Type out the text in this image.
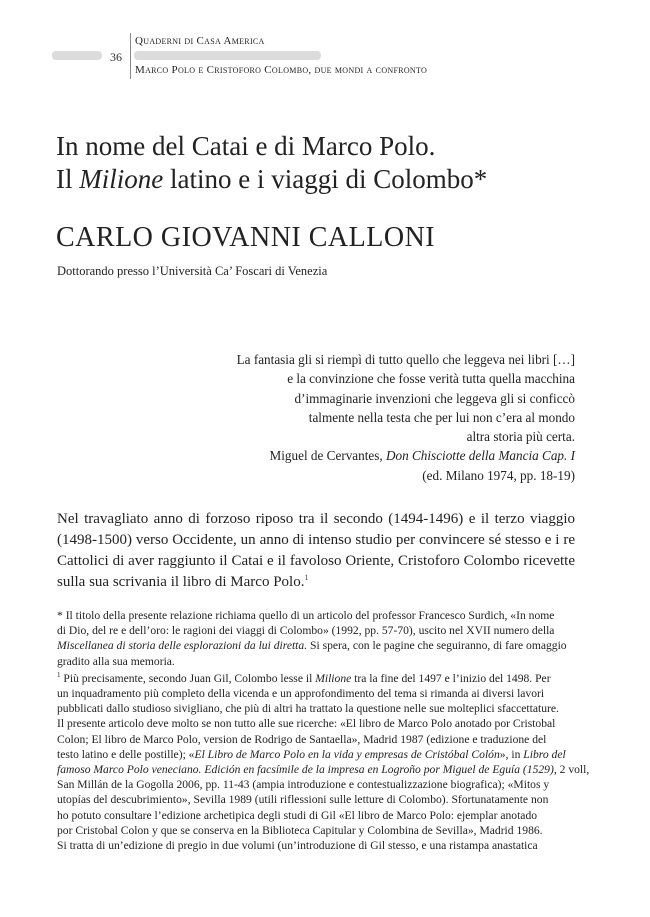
36
Quaderni di Casa America
Marco Polo e Cristoforo Colombo, due mondi a confronto
In nome del Catai e di Marco Polo.
Il Milione latino e i viaggi di Colombo*
CARLO GIOVANNI CALLONI
Dottorando presso l’Università Ca’ Foscari di Venezia
La fantasia gli si riempì di tutto quello che leggeva nei libri […]
e la convinzione che fosse verità tutta quella macchina
d’immaginarie invenzioni che leggeva gli si conficcò
talmente nella testa che per lui non c’era al mondo
altra storia più certa.
Miguel de Cervantes, Don Chisciotte della Mancia Cap. I
(ed. Milano 1974, pp. 18-19)
Nel travagliato anno di forzoso riposo tra il secondo (1494-1496) e il terzo viaggio (1498-1500) verso Occidente, un anno di intenso studio per convincere sé stesso e i re Cattolici di aver raggiunto il Catai e il favoloso Oriente, Cristoforo Colombo ricevette sulla sua scrivania il libro di Marco Polo.$^1$

* Il titolo della presente relazione richiama quello di un articolo del professor Francesco Surdich, «In nome
di Dio, del re e dell’oro: le ragioni dei viaggi di Colombo» (1992, pp. 57-70), uscito nel XVII numero della
Miscellanea di storia delle esplorazioni da lui diretta. Si spera, con le pagine che seguiranno, di fare omaggio
gradito alla sua memoria.

$^1$ Più precisamente, secondo Juan Gil, Colombo lesse il Milione tra la fine del 1497 e l’inizio del 1498. Per
un inquadramento più completo della vicenda e un approfondimento del tema si rimanda ai diversi lavori
pubblicati dallo studioso sivigliano, che più di altri ha trattato la questione nelle sue molteplici sfaccettature.
Il presente articolo deve molto se non tutto alle sue ricerche: «El libro de Marco Polo anotado por Cristobal
Colon; El libro de Marco Polo, version de Rodrigo de Santaella», Madrid 1987 (edizione e traduzione del
testo latino e delle postille); «El Libro de Marco Polo en la vida y empresas de Cristóbal Colón», in Libro del
famoso Marco Polo veneciano. Edición en facsímile de la impresa en Logroño por Miguel de Eguía (1529), 2 voll,
San Millán de la Gogolla 2006, pp. 11-43 (ampia introduzione e contestualizzazione biografica); «Mitos y
utopías del descubrimiento», Sevilla 1989 (utili riflessioni sulle letture di Colombo). Sfortunatamente non
ho potuto consultare l’edizione archetipica degli studi di Gil «El libro de Marco Polo: ejemplar anotado
por Cristobal Colon y que se conserva en la Biblioteca Capitular y Colombina de Sevilla», Madrid 1986.
Si tratta di un’edizione di pregio in due volumi (un’introduzione di Gil stesso, e una ristampa anastatica
